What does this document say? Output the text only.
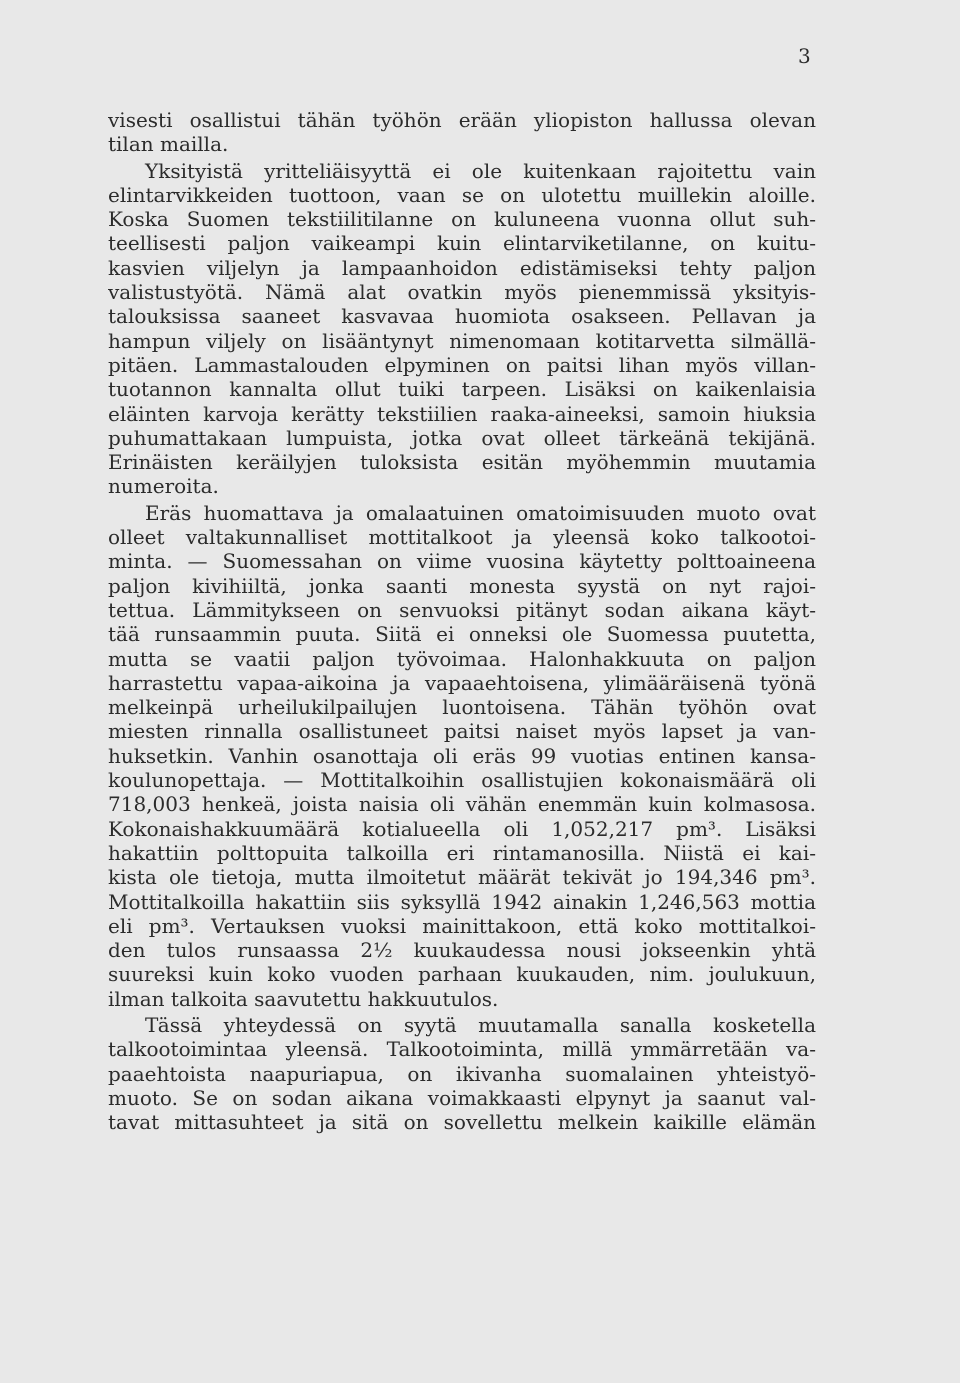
3
visesti osallistui tähän työhön erään yliopiston hallussa olevan
tilan mailla.
Yksityistä yritteliäisyyttä ei ole kuitenkaan rajoitettu vain
elintarvikkeiden tuottoon, vaan se on ulotettu muillekin aloille.
Koska Suomen tekstiilitilanne on kuluneena vuonna ollut suh-
teellisesti paljon vaikeampi kuin elintarviketilanne, on kuitu-
kasvien viljelyn ja lampaanhoidon edistämiseksi tehty paljon
valistustyötä. Nämä alat ovatkin myös pienemmissä yksityis-
talouksissa saaneet kasvavaa huomiota osakseen. Pellavan ja
hampun viljely on lisääntynyt nimenomaan kotitarvetta silmällä-
pitäen. Lammastalouden elpyminen on paitsi lihan myös villan-
tuotannon kannalta ollut tuiki tarpeen. Lisäksi on kaikenlaisia
eläinten karvoja kerätty tekstiilien raaka-aineeksi, samoin hiuksia
puhumattakaan lumpuista, jotka ovat olleet tärkeänä tekijänä.
Erinäisten keräilyjen tuloksista esitän myöhemmin muutamia
numeroita.
Eräs huomattava ja omalaatuinen omatoimisuuden muoto ovat
olleet valtakunnalliset mottitalkoot ja yleensä koko talkootoi-
minta. — Suomessahan on viime vuosina käytetty polttoaineena
paljon kivihiiltä, jonka saanti monesta syystä on nyt rajoi-
tettua. Lämmitykseen on senvuoksi pitänyt sodan aikana käyt-
tää runsaammin puuta. Siitä ei onneksi ole Suomessa puutetta,
mutta se vaatii paljon työvoimaa. Halonhakkuuta on paljon
harrastettu vapaa-aikoina ja vapaaehtoisena, ylimääräisenä työnä
melkeinpä urheilukilpailujen luontoisena. Tähän työhön ovat
miesten rinnalla osallistuneet paitsi naiset myös lapset ja van-
huksetkin. Vanhin osanottaja oli eräs 99 vuotias entinen kansa-
koulunopettaja. — Mottitalkoihin osallistujien kokonaismäärä oli
718,003 henkeä, joista naisia oli vähän enemmän kuin kolmasosa.
Kokonaishakkuumäärä kotialueella oli 1,052,217 pm³. Lisäksi
hakattiin polttopuita talkoilla eri rintamanosilla. Niistä ei kai-
kista ole tietoja, mutta ilmoitetut määrät tekivät jo 194,346 pm³.
Mottitalkoilla hakattiin siis syksyllä 1942 ainakin 1,246,563 mottia
eli pm³. Vertauksen vuoksi mainittakoon, että koko mottitalkoi-
den tulos runsaassa 2½ kuukaudessa nousi jokseenkin yhtä
suureksi kuin koko vuoden parhaan kuukauden, nim. joulukuun,
ilman talkoita saavutettu hakkuutulos.
Tässä yhteydessä on syytä muutamalla sanalla kosketella
talkootoimintaa yleensä. Talkootoiminta, millä ymmärretään va-
paaehtoista naapuriapua, on ikivanha suomalainen yhteistyö-
muoto. Se on sodan aikana voimakkaasti elpynyt ja saanut val-
tavat mittasuhteet ja sitä on sovellettu melkein kaikille elämän
